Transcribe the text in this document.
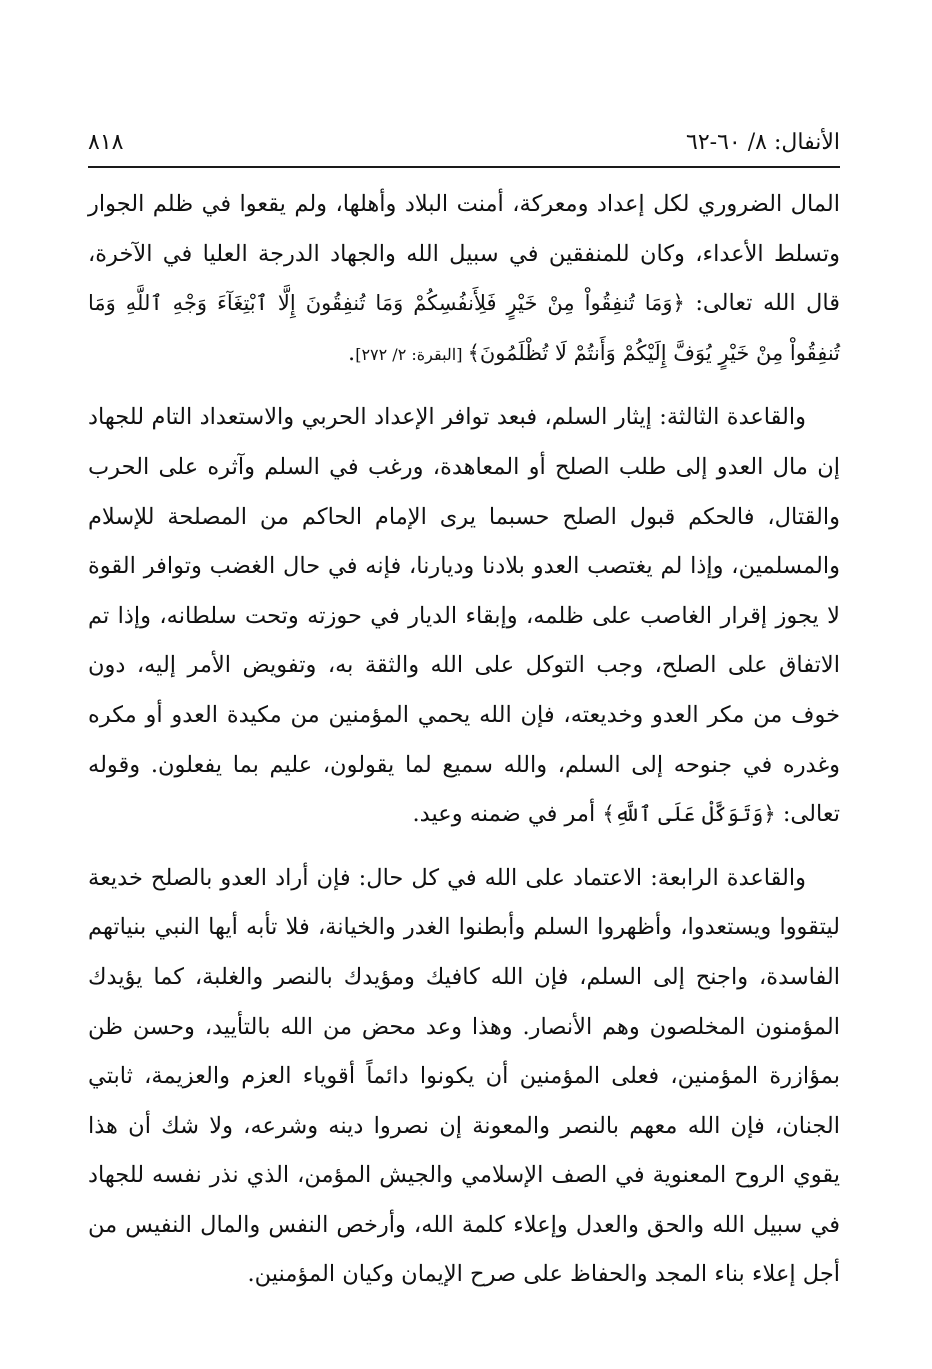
الأنفال: ٨/ ٦٠-٦٢
٨١٨

المال الضروري لكل إعداد ومعركة، أمنت البلاد وأهلها، ولم يقعوا في ظلم الجوار وتسلط الأعداء، وكان للمنفقين في سبيل الله والجهاد الدرجة العليا في الآخرة، قال الله تعالى: ﴿وَمَا تُنفِقُواْ مِنْ خَيْرٍ فَلِأَنفُسِكُمْ وَمَا تُنفِقُونَ إِلَّا ٱبْتِغَآءَ وَجْهِ ٱللَّهِ وَمَا تُنفِقُواْ مِنْ خَيْرٍ يُوَفَّ إِلَيْكُمْ وَأَنتُمْ لَا تُظْلَمُونَ﴾ [البقرة: ٢/ ٢٧٢].

والقاعدة الثالثة: إيثار السلم، فبعد توافر الإعداد الحربي والاستعداد التام للجهاد إن مال العدو إلى طلب الصلح أو المعاهدة، ورغب في السلم وآثره على الحرب والقتال، فالحكم قبول الصلح حسبما يرى الإمام الحاكم من المصلحة للإسلام والمسلمين، وإذا لم يغتصب العدو بلادنا وديارنا، فإنه في حال الغضب وتوافر القوة لا يجوز إقرار الغاصب على ظلمه، وإبقاء الديار في حوزته وتحت سلطانه، وإذا تم الاتفاق على الصلح، وجب التوكل على الله والثقة به، وتفويض الأمر إليه، دون خوف من مكر العدو وخديعته، فإن الله يحمي المؤمنين من مكيدة العدو أو مكره وغدره في جنوحه إلى السلم، والله سميع لما يقولون، عليم بما يفعلون. وقوله تعالى: ﴿وَتَوَكَّلْ عَلَى ٱللَّهِ﴾ أمر في ضمنه وعيد.

والقاعدة الرابعة: الاعتماد على الله في كل حال: فإن أراد العدو بالصلح خديعة ليتقووا ويستعدوا، وأظهروا السلم وأبطنوا الغدر والخيانة، فلا تأبه أيها النبي بنياتهم الفاسدة، واجنح إلى السلم، فإن الله كافيك ومؤيدك بالنصر والغلبة، كما يؤيدك المؤمنون المخلصون وهم الأنصار. وهذا وعد محض من الله بالتأييد، وحسن ظن بمؤازرة المؤمنين، فعلى المؤمنين أن يكونوا دائماً أقوياء العزم والعزيمة، ثابتي الجنان، فإن الله معهم بالنصر والمعونة إن نصروا دينه وشرعه، ولا شك أن هذا يقوي الروح المعنوية في الصف الإسلامي والجيش المؤمن، الذي نذر نفسه للجهاد في سبيل الله والحق والعدل وإعلاء كلمة الله، وأرخص النفس والمال النفيس من أجل إعلاء بناء المجد والحفاظ على صرح الإيمان وكيان المؤمنين.
